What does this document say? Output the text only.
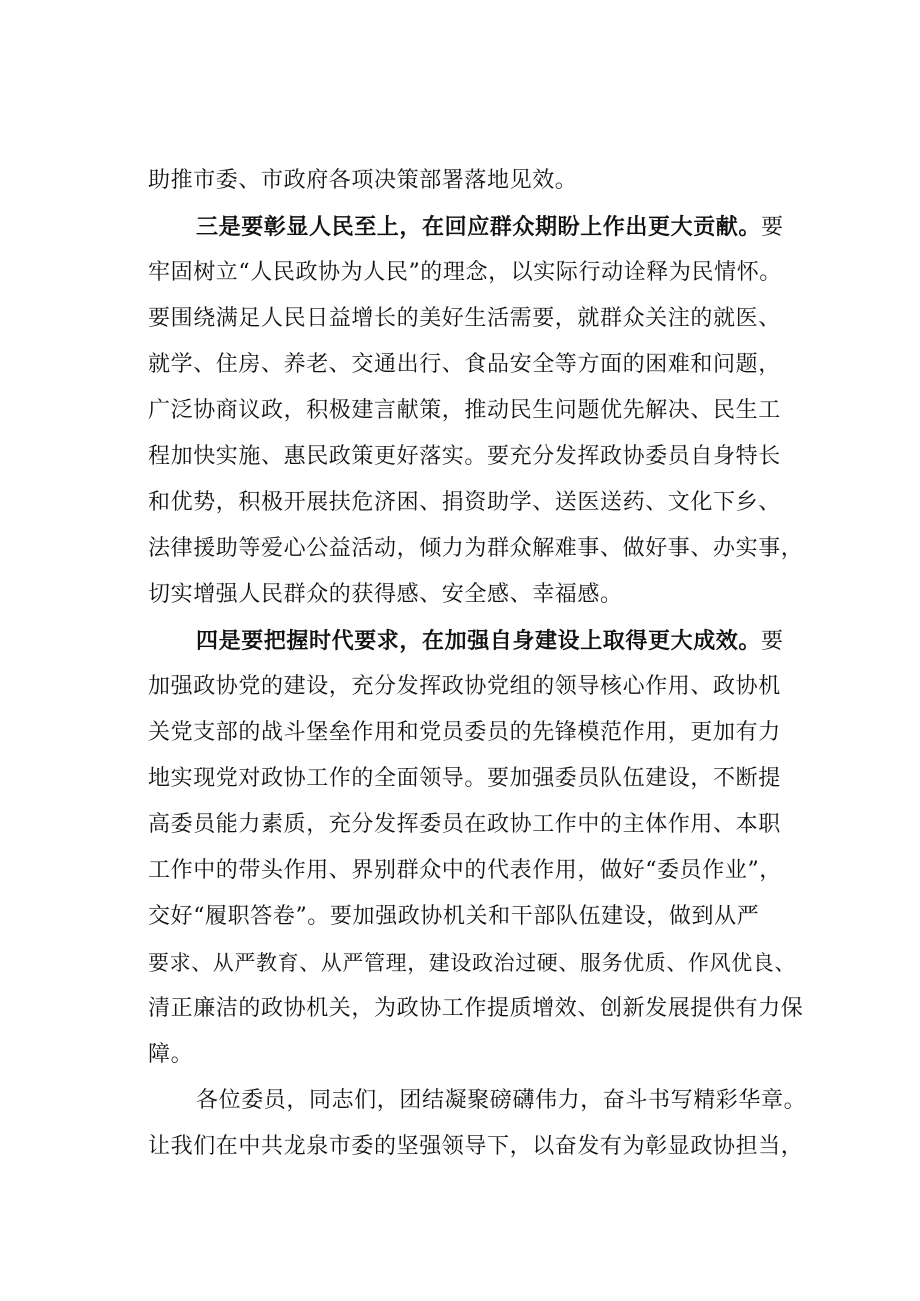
助推市委、市政府各项决策部署落地见效。
三是要彰显人民至上，在回应群众期盼上作出更大贡献。要
牢固树立“人民政协为人民”的理念，以实际行动诠释为民情怀。
要围绕满足人民日益增长的美好生活需要，就群众关注的就医、
就学、住房、养老、交通出行、食品安全等方面的困难和问题，
广泛协商议政，积极建言献策，推动民生问题优先解决、民生工
程加快实施、惠民政策更好落实。要充分发挥政协委员自身特长
和优势，积极开展扶危济困、捐资助学、送医送药、文化下乡、
法律援助等爱心公益活动，倾力为群众解难事、做好事、办实事，
切实增强人民群众的获得感、安全感、幸福感。
四是要把握时代要求，在加强自身建设上取得更大成效。要
加强政协党的建设，充分发挥政协党组的领导核心作用、政协机
关党支部的战斗堡垒作用和党员委员的先锋模范作用，更加有力
地实现党对政协工作的全面领导。要加强委员队伍建设，不断提
高委员能力素质，充分发挥委员在政协工作中的主体作用、本职
工作中的带头作用、界别群众中的代表作用，做好“委员作业”，
交好“履职答卷”。要加强政协机关和干部队伍建设，做到从严
要求、从严教育、从严管理，建设政治过硬、服务优质、作风优良、
清正廉洁的政协机关，为政协工作提质增效、创新发展提供有力保
障。
各位委员，同志们，团结凝聚磅礴伟力，奋斗书写精彩华章。
让我们在中共龙泉市委的坚强领导下，以奋发有为彰显政协担当，
